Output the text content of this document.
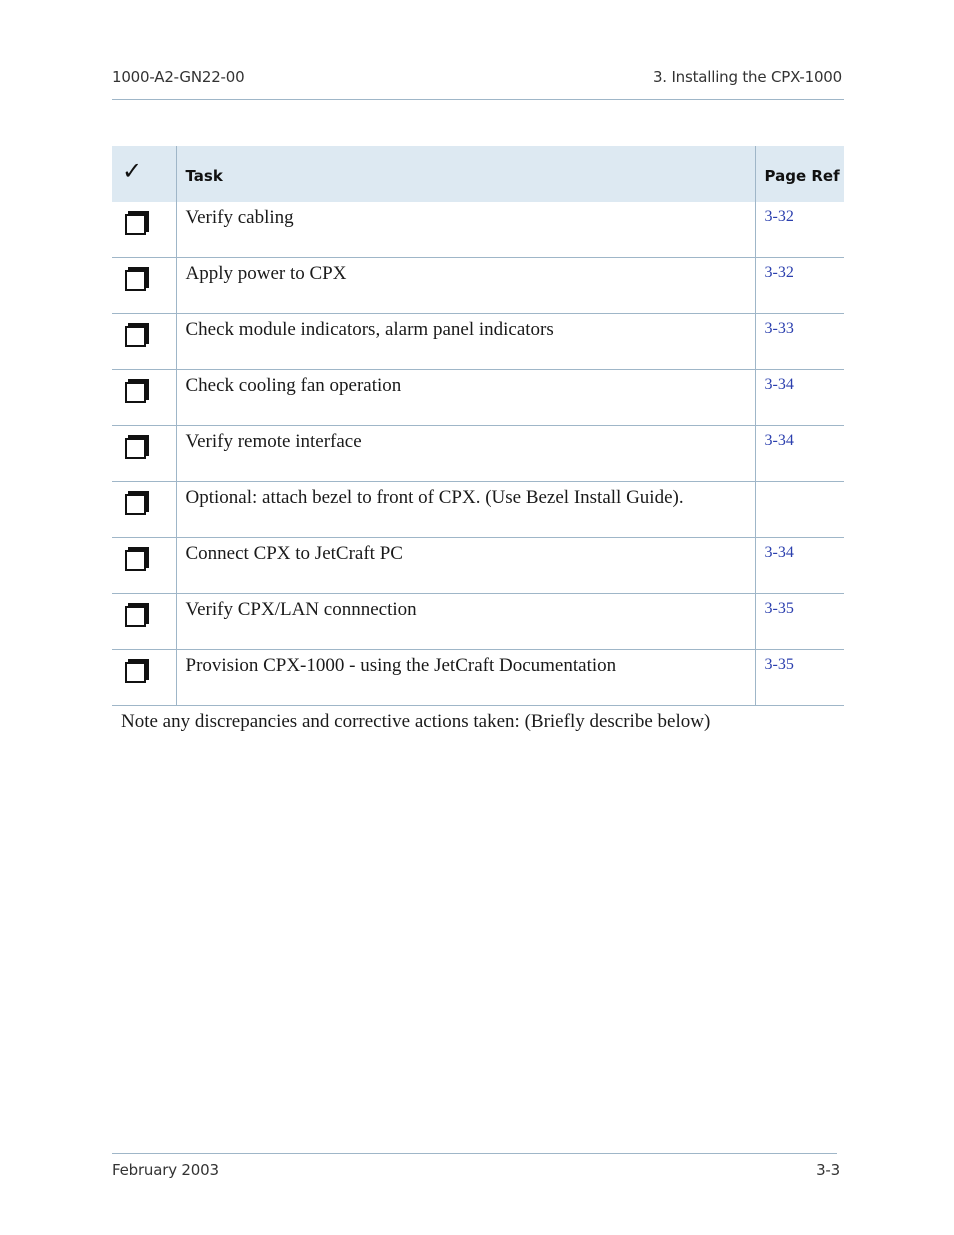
1000-A2-GN22-00	3. Installing the CPX-1000
✓	Task	Page Ref

	Verify cabling	3-32

	Apply power to CPX	3-32

	Check module indicators, alarm panel indicators	3-33

	Check cooling fan operation	3-34

	Verify remote interface	3-34

	Optional: attach bezel to front of CPX. (Use Bezel Install Guide).	

	Connect CPX to JetCraft PC	3-34

	Verify CPX/LAN connnection	3-35

	Provision CPX-1000 - using the JetCraft Documentation	3-35
Note any discrepancies and corrective actions taken: (Briefly describe below)
February 2003	3-3
